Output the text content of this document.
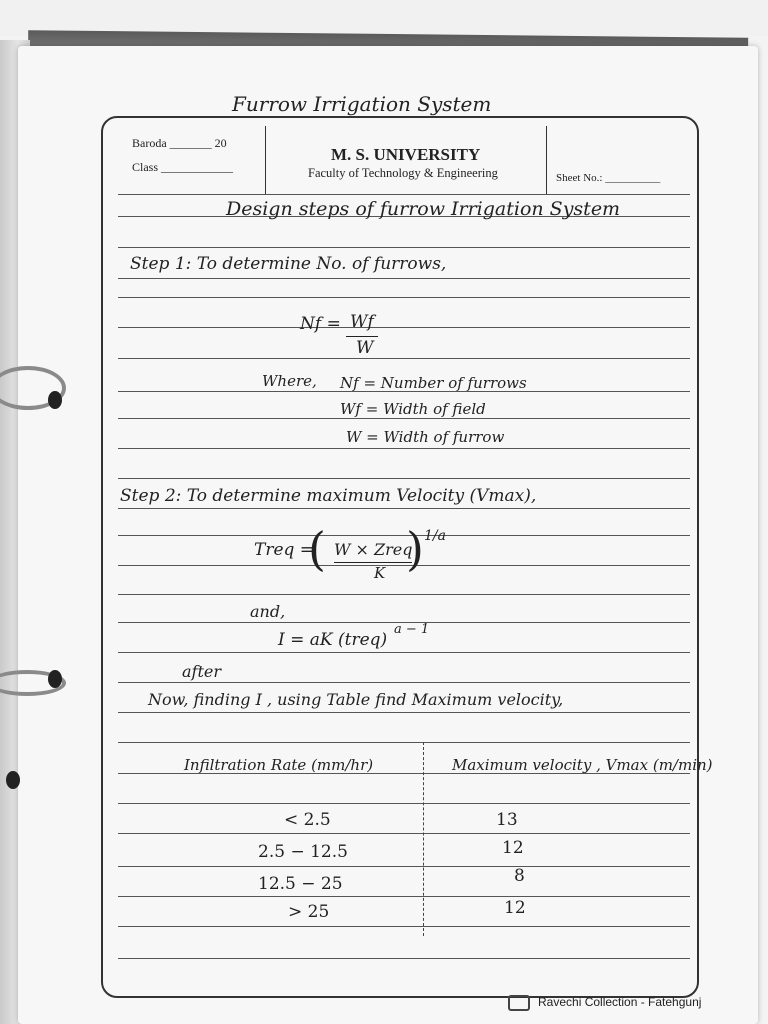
Furrow Irrigation System
Baroda _______ 20
Class ____________
M. S. UNIVERSITY
Faculty of Technology & Engineering	Sheet No.: __________
Design steps of furrow Irrigation System
Step 1: To determine No. of furrows,
Nf = Wf
W
Where, Nf = Number of furrows
Wf = Width of field
W = Width of furrow
Step 2: To determine maximum Velocity (Vmax),
Treq =
( W × Zreq
K ) 1/a
and,
I = aK (treq)
a − 1
after
Now, finding I , using Table find Maximum velocity,
Infiltration Rate (mm/hr)	Maximum velocity , Vmax (m/min)
< 2.5	13
2.5 − 12.5	12
12.5 − 25	8
> 25	12
Ravechi Collection - Fatehgunj
